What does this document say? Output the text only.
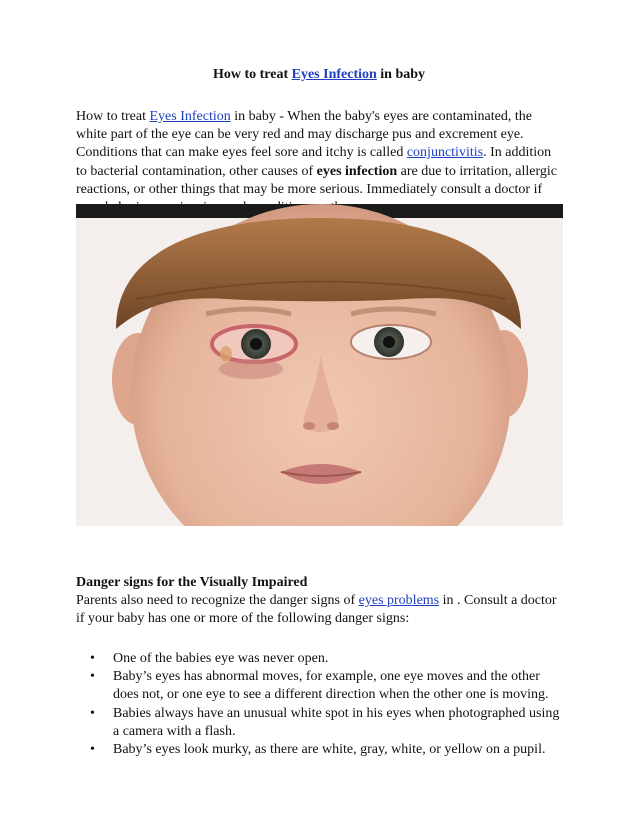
How to treat Eyes Infection in baby
How to treat Eyes Infection in baby - When the baby's eyes are contaminated, the white part of the eye can be very red and may discharge pus and excrement eye. Conditions that can make eyes feel sore and itchy is called conjunctivitis. In addition to bacterial contamination, other causes of eyes infection are due to irritation, allergic reactions, or other things that may be more serious. Immediately consult a doctor if
Danger signs for the Visually Impaired
Parents also need to recognize the danger signs of eyes problems in . Consult a doctor if your baby has one or more of the following danger signs:
• One of the babies eye was never open.
• Baby’s eyes has abnormal moves, for example, one eye moves and the other does not, or one eye to see a different direction when the other one is moving.
• Babies always have an unusual white spot in his eyes when photographed using a camera with a flash.
• Baby’s eyes look murky, as there are white, gray, white, or yellow on a pupil.
